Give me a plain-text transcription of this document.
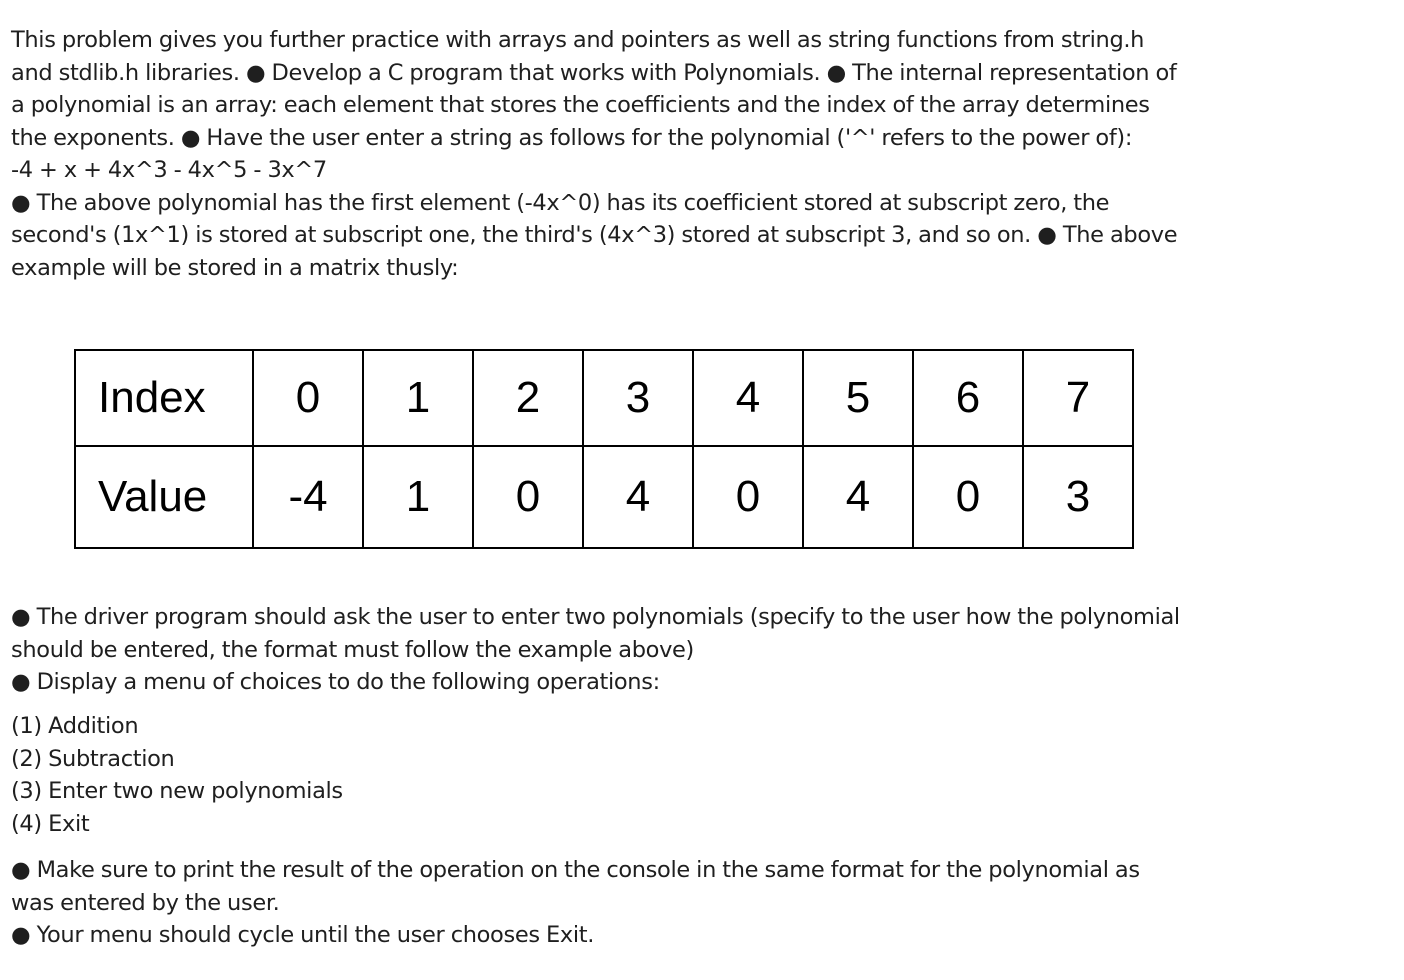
This problem gives you further practice with arrays and pointers as well as string functions from string.h
and stdlib.h libraries. ● Develop a C program that works with Polynomials. ● The internal representation of
a polynomial is an array: each element that stores the coefficients and the index of the array determines
the exponents. ● Have the user enter a string as follows for the polynomial ('^' refers to the power of):
-4 + x + 4x^3 - 4x^5 - 3x^7
● The above polynomial has the first element (-4x^0) has its coefficient stored at subscript zero, the
second's (1x^1) is stored at subscript one, the third's (4x^3) stored at subscript 3, and so on. ● The above
example will be stored in a matrix thusly:
Index	0	1	2	3	4	5	6	7
Value	-4	1	0	4	0	4	0	3
● The driver program should ask the user to enter two polynomials (specify to the user how the polynomial
should be entered, the format must follow the example above)
● Display a menu of choices to do the following operations:
(1) Addition
(2) Subtraction
(3) Enter two new polynomials
(4) Exit
● Make sure to print the result of the operation on the console in the same format for the polynomial as
was entered by the user.
● Your menu should cycle until the user chooses Exit.
